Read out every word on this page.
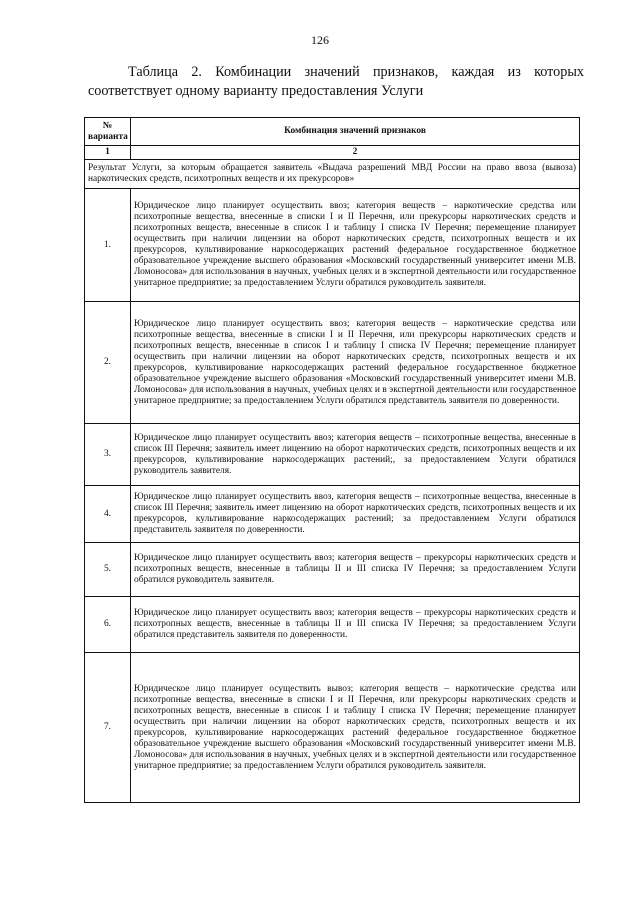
126
Таблица 2. Комбинации значений признаков, каждая из которых соответствует одному варианту предоставления Услуги
№ варианта	Комбинация значений признаков
1	2
Результат Услуги, за которым обращается заявитель «Выдача разрешений МВД России на право ввоза (вывоза) наркотических средств, психотропных веществ и их прекурсоров»	
1.	Юридическое лицо планирует осуществить ввоз; категория веществ – наркотические средства или психотропные вещества, внесенные в списки I и II Перечня, или прекурсоры наркотических средств и психотропных веществ, внесенные в список I и таблицу I списка IV Перечня; перемещение планирует осуществить при наличии лицензии на оборот наркотических средств, психотропных веществ и их прекурсоров, культивирование наркосодержащих растений федеральное государственное бюджетное образовательное учреждение высшего образования «Московский государственный университет имени М.В. Ломоносова» для использования в научных, учебных целях и в экспертной деятельности или государственное унитарное предприятие; за предоставлением Услуги обратился руководитель заявителя.
2.	Юридическое лицо планирует осуществить ввоз; категория веществ – наркотические средства или психотропные вещества, внесенные в списки I и II Перечня, или прекурсоры наркотических средств и психотропных веществ, внесенные в список I и таблицу I списка IV Перечня; перемещение планирует осуществить при наличии лицензии на оборот наркотических средств, психотропных веществ и их прекурсоров, культивирование наркосодержащих растений федеральное государственное бюджетное образовательное учреждение высшего образования «Московский государственный университет имени М.В. Ломоносова» для использования в научных, учебных целях и в экспертной деятельности или государственное унитарное предприятие; за предоставлением Услуги обратился представитель заявителя по доверенности.
3.	Юридическое лицо планирует осуществить ввоз; категория веществ – психотропные вещества, внесенные в список III Перечня; заявитель имеет лицензию на оборот наркотических средств, психотропных веществ и их прекурсоров, культивирование наркосодержащих растений;, за предоставлением Услуги обратился руководитель заявителя.
4.	Юридическое лицо планирует осуществить ввоз, категория веществ – психотропные вещества, внесенные в список III Перечня; заявитель имеет лицензию на оборот наркотических средств, психотропных веществ и их прекурсоров, культивирование наркосодержащих растений; за предоставлением Услуги обратился представитель заявителя по доверенности.
5.	Юридическое лицо планирует осуществить ввоз; категория веществ – прекурсоры наркотических средств и психотропных веществ, внесенные в таблицы II и III списка IV Перечня; за предоставлением Услуги обратился руководитель заявителя.
6.	Юридическое лицо планирует осуществить ввоз; категория веществ – прекурсоры наркотических средств и психотропных веществ, внесенные в таблицы II и III списка IV Перечня; за предоставлением Услуги обратился представитель заявителя по доверенности.
7.	Юридическое лицо планирует осуществить вывоз; категория веществ – наркотические средства или психотропные вещества, внесенные в списки I и II Перечня, или прекурсоры наркотических средств и психотропных веществ, внесенные в список I и таблицу I списка IV Перечня; перемещение планирует осуществить при наличии лицензии на оборот наркотических средств, психотропных веществ и их прекурсоров, культивирование наркосодержащих растений федеральное государственное бюджетное образовательное учреждение высшего образования «Московский государственный университет имени М.В. Ломоносова» для использования в научных, учебных целях и в экспертной деятельности или государственное унитарное предприятие; за предоставлением Услуги обратился руководитель заявителя.
